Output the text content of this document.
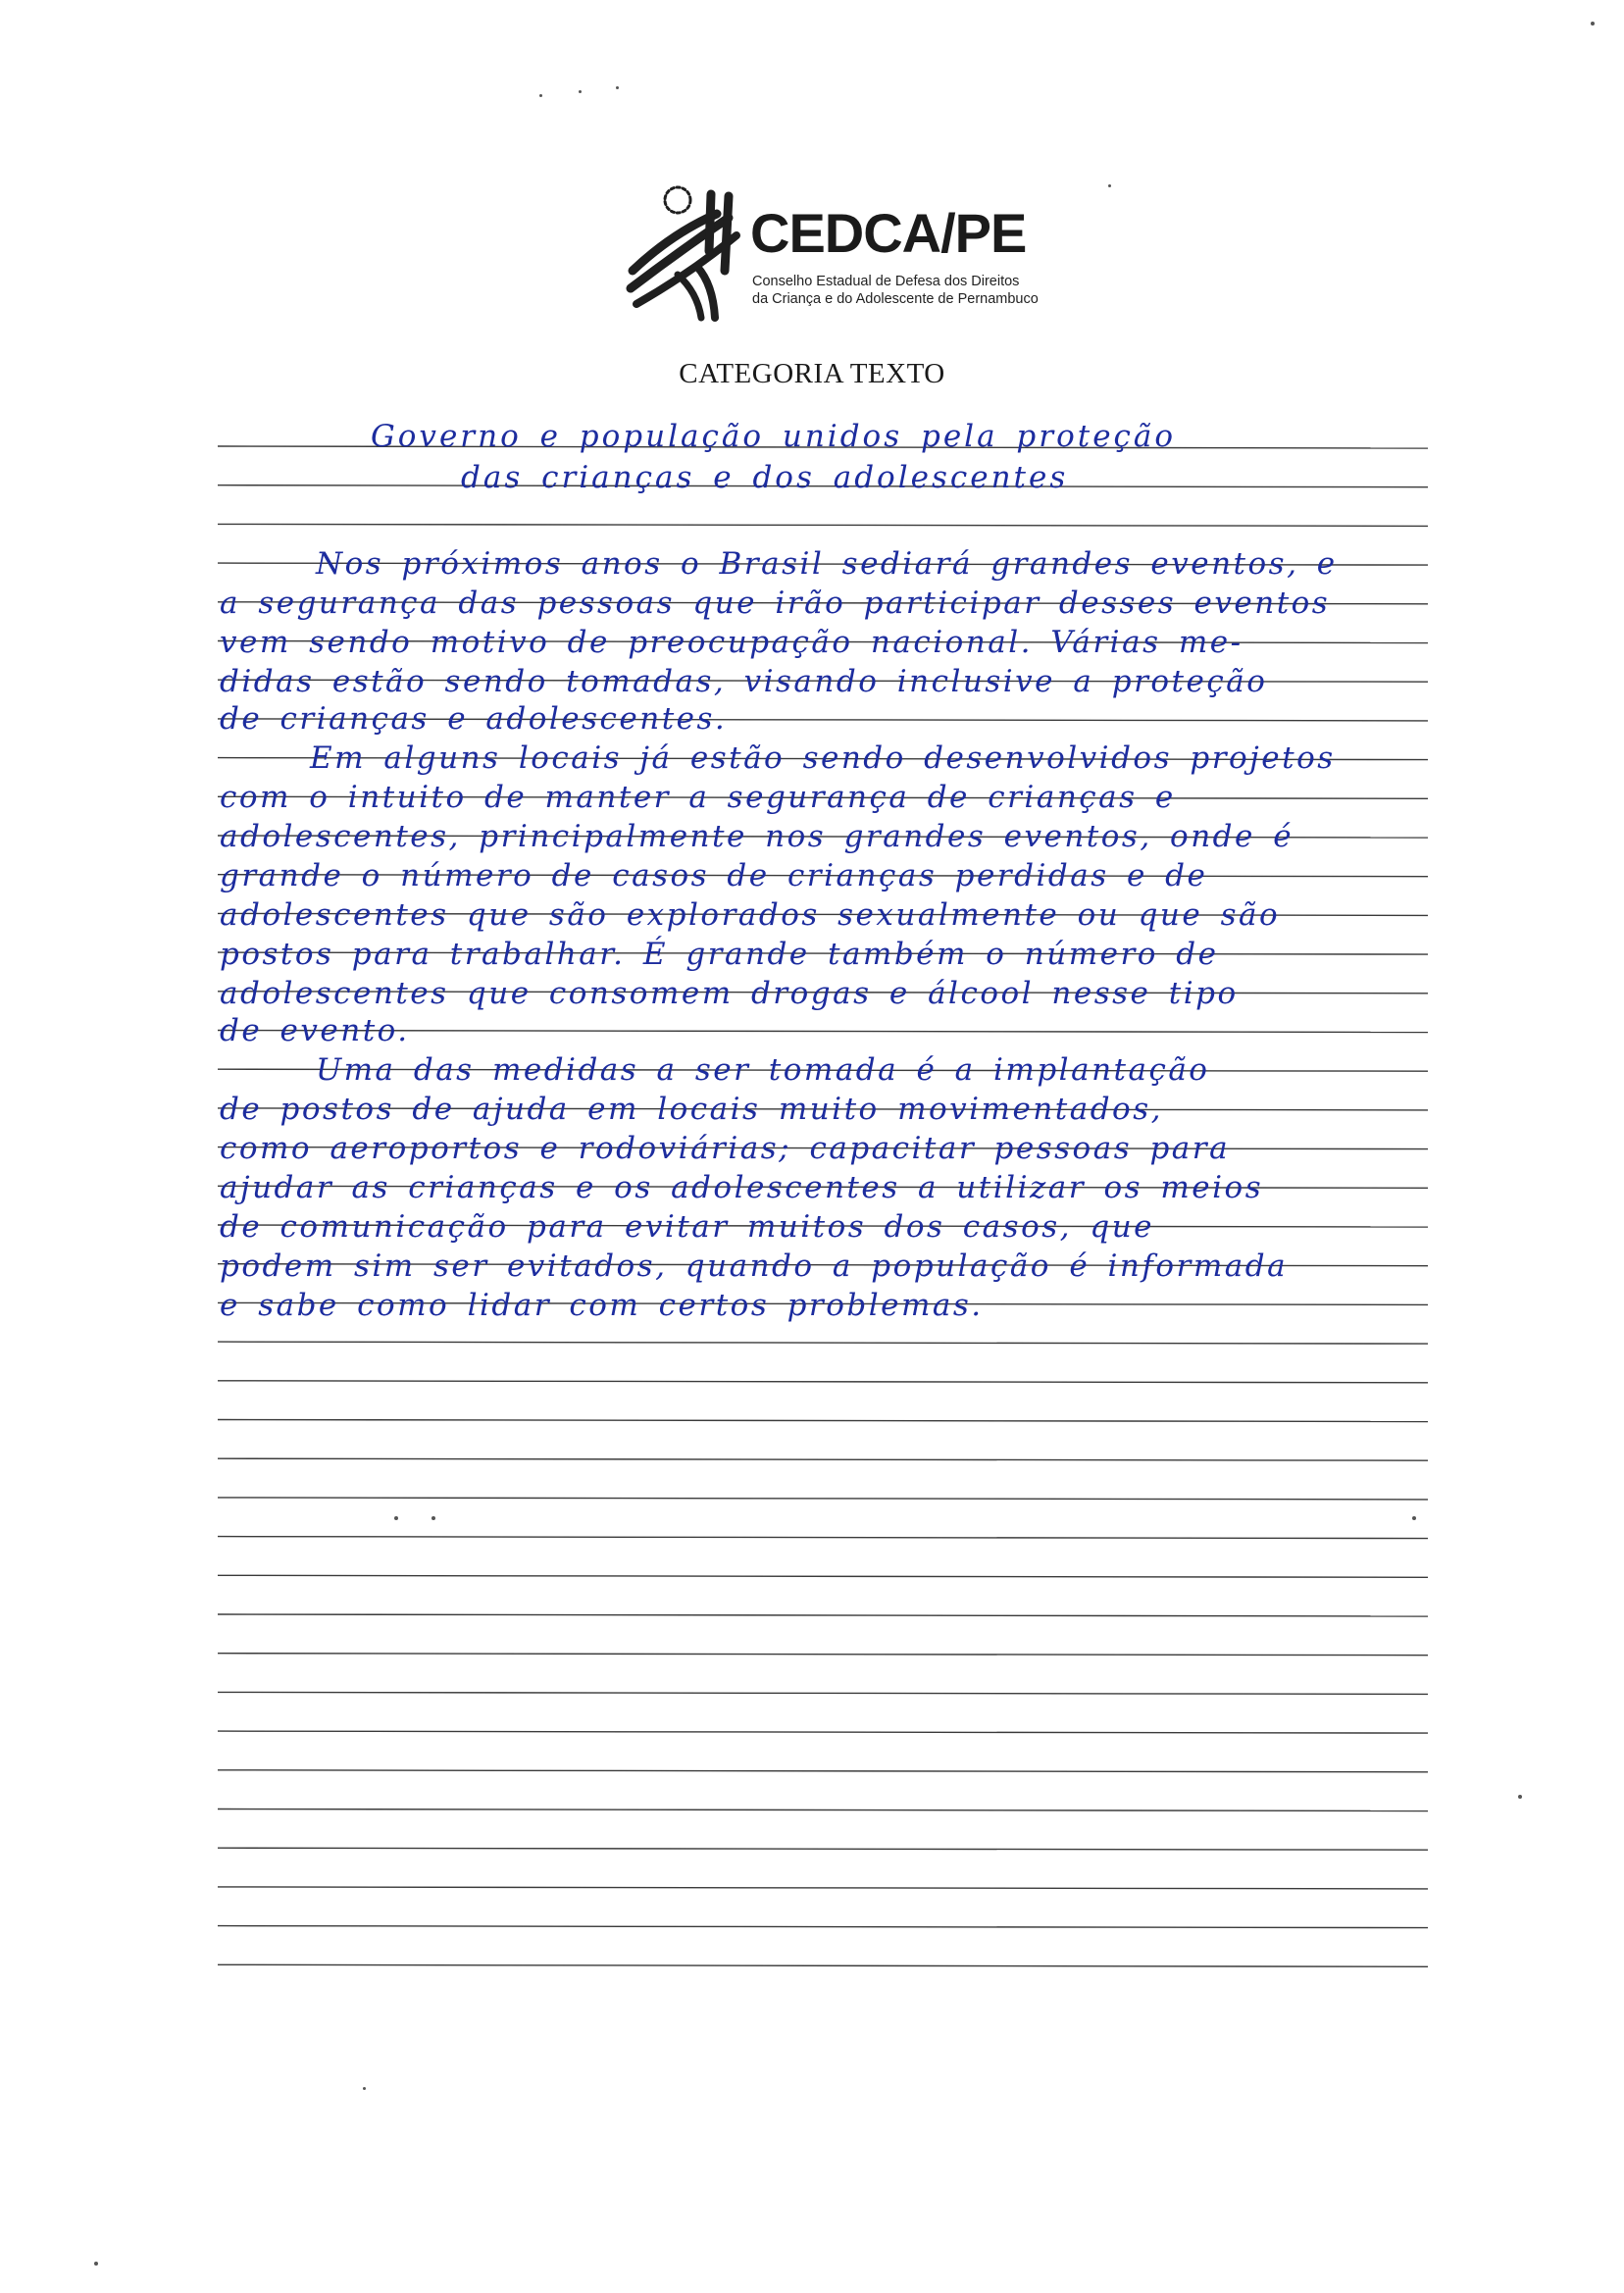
CEDCA/PE
Conselho Estadual de Defesa dos Direitos
da Criança e do Adolescente de Pernambuco
CATEGORIA TEXTO
Governo e população unidos pela proteção
das crianças e dos adolescentes
Nos próximos anos o Brasil sediará grandes eventos, e
a segurança das pessoas que irão participar desses eventos
vem sendo motivo de preocupação nacional. Várias me-
didas estão sendo tomadas, visando inclusive a proteção
de crianças e adolescentes.
Em alguns locais já estão sendo desenvolvidos projetos
com o intuito de manter a segurança de crianças e
adolescentes, principalmente nos grandes eventos, onde é
grande o número de casos de crianças perdidas e de
adolescentes que são explorados sexualmente ou que são
postos para trabalhar. É grande também o número de
adolescentes que consomem drogas e álcool nesse tipo
de evento.
Uma das medidas a ser tomada é a implantação
de postos de ajuda em locais muito movimentados,
como aeroportos e rodoviárias; capacitar pessoas para
ajudar as crianças e os adolescentes a utilizar os meios
de comunicação para evitar muitos dos casos, que
podem sim ser evitados, quando a população é informada
e sabe como lidar com certos problemas.
